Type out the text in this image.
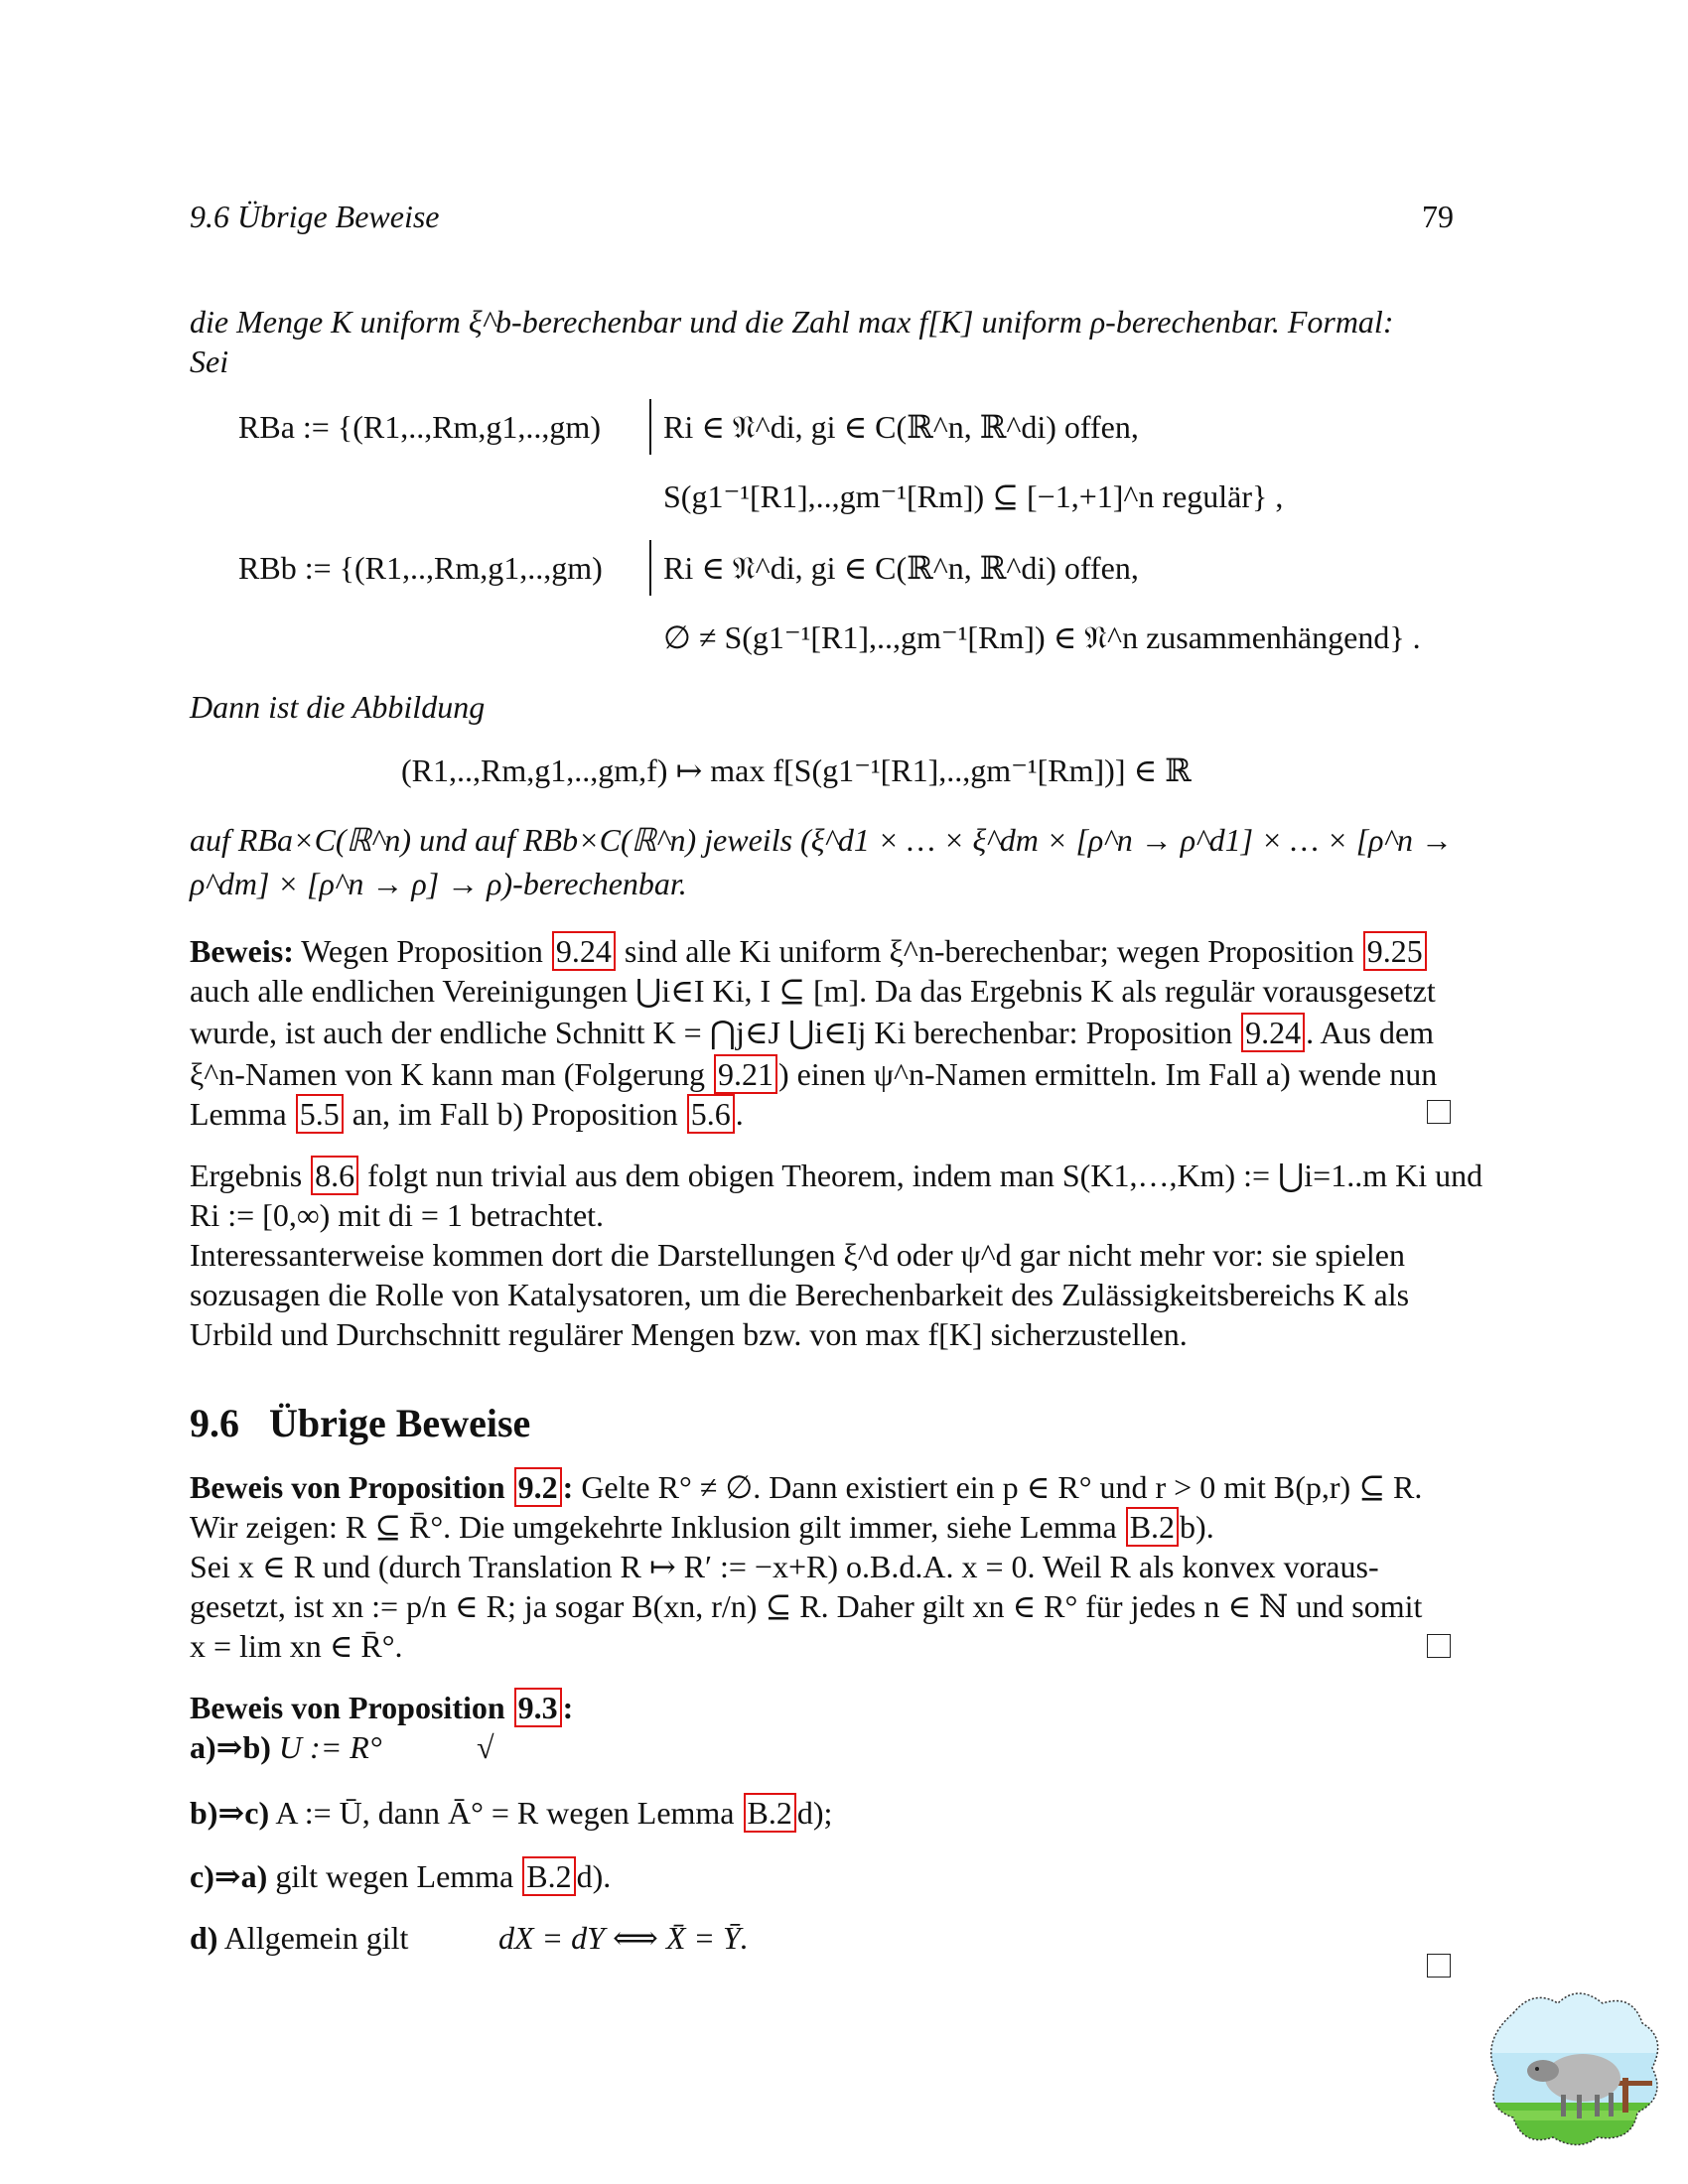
9.6 Übrige Beweise	79
die Menge K uniform ξ^b-berechenbar und die Zahl max f[K] uniform ρ-berechenbar. Formal:
Sei
RBa := {(R1,..,Rm,g1,..,gm) Ri ∈ 𝔑^di, gi ∈ C(ℝ^n, ℝ^di) offen,
S(g1⁻¹[R1],..,gm⁻¹[Rm]) ⊆ [−1,+1]^n regulär} ,
RBb := {(R1,..,Rm,g1,..,gm) Ri ∈ 𝔑^di, gi ∈ C(ℝ^n, ℝ^di) offen,
∅ ≠ S(g1⁻¹[R1],..,gm⁻¹[Rm]) ∈ 𝔑^n zusammenhängend} .
Dann ist die Abbildung
(R1,..,Rm,g1,..,gm,f) ↦ max f[S(g1⁻¹[R1],..,gm⁻¹[Rm])] ∈ ℝ
auf RBa×C(ℝ^n) und auf RBb×C(ℝ^n) jeweils (ξ^d1 × … × ξ^dm × [ρ^n → ρ^d1] × … × [ρ^n →
ρ^dm] × [ρ^n → ρ] → ρ)-berechenbar.
Beweis: Wegen Proposition 9.24 sind alle Ki uniform ξ^n-berechenbar; wegen Proposition 9.25
auch alle endlichen Vereinigungen ⋃i∈I Ki, I ⊆ [m]. Da das Ergebnis K als regulär vorausgesetzt
wurde, ist auch der endliche Schnitt K = ⋂j∈J ⋃i∈Ij Ki berechenbar: Proposition 9.24 . Aus dem
ξ^n-Namen von K kann man (Folgerung 9.21 ) einen ψ^n-Namen ermitteln. Im Fall a) wende nun
Lemma 5.5 an, im Fall b) Proposition 5.6 .
Ergebnis 8.6 folgt nun trivial aus dem obigen Theorem, indem man S(K1,…,Km) := ⋃i=1..m Ki und
Ri := [0,∞) mit di = 1 betrachtet.
Interessanterweise kommen dort die Darstellungen ξ^d oder ψ^d gar nicht mehr vor: sie spielen
sozusagen die Rolle von Katalysatoren, um die Berechenbarkeit des Zulässigkeitsbereichs K als
Urbild und Durchschnitt regulärer Mengen bzw. von max f[K] sicherzustellen.
9.6 Übrige Beweise
Beweis von Proposition 9.2 : Gelte R° ≠ ∅. Dann existiert ein p ∈ R° und r > 0 mit B(p,r) ⊆ R.
Wir zeigen: R ⊆ R̄°. Die umgekehrte Inklusion gilt immer, siehe Lemma B.2 b).
Sei x ∈ R und (durch Translation R ↦ R′ := −x+R) o.B.d.A. x = 0. Weil R als konvex voraus-
gesetzt, ist xn := p/n ∈ R; ja sogar B(xn, r/n) ⊆ R. Daher gilt xn ∈ R° für jedes n ∈ ℕ und somit
x = lim xn ∈ R̄°.
Beweis von Proposition 9.3 :
a)⇒b) U := R°	√
b)⇒c) A := Ū, dann Ā° = R wegen Lemma B.2 d);
c)⇒a) gilt wegen Lemma B.2 d).
d) Allgemein gilt	dX = dY ⟺ X̄ = Ȳ.
